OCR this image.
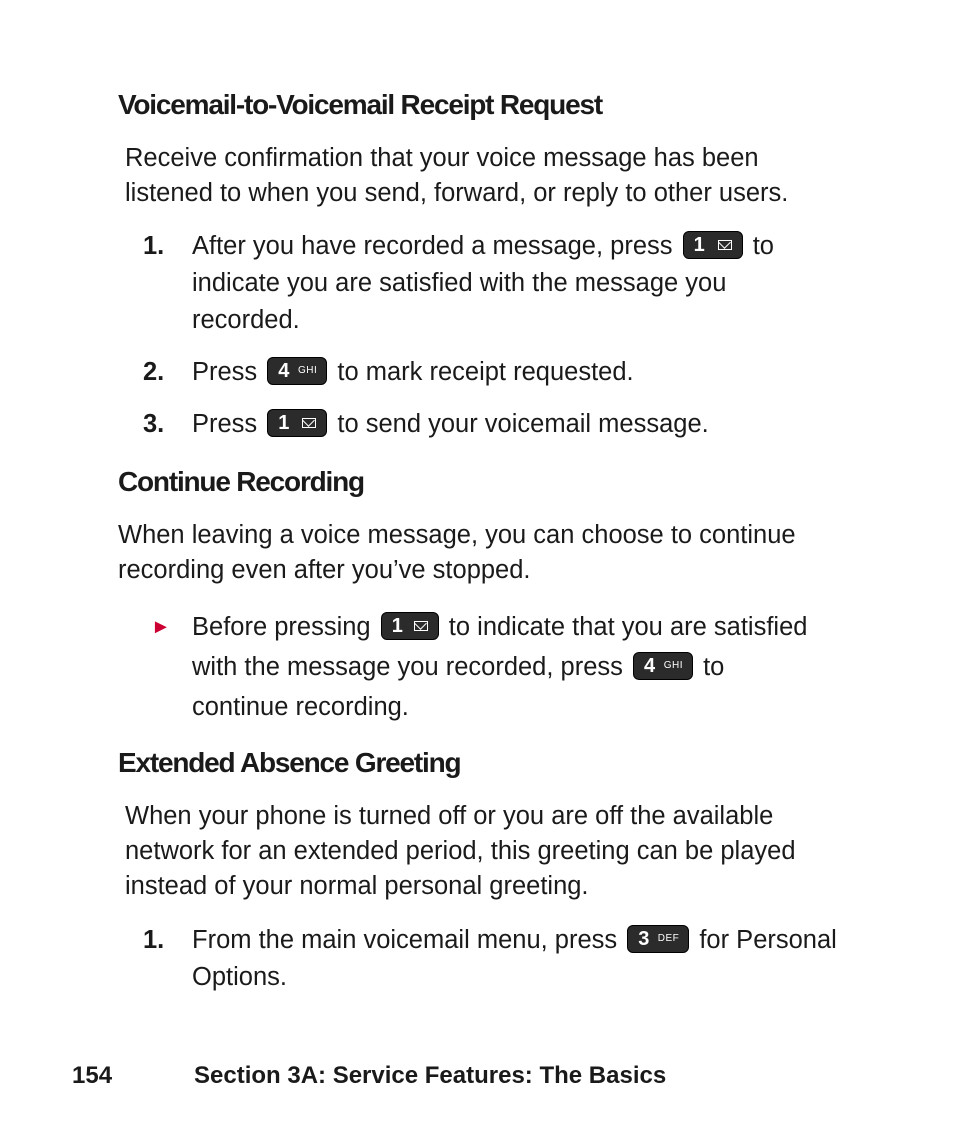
Voicemail-to-Voicemail Receipt Request
Receive confirmation that your voice message has been
listened to when you send, forward, or reply to other users.
1. After you have recorded a message, press 1 to
indicate you are satisfied with the message you
recorded.
2. Press 4 GHI to mark receipt requested.
3. Press 1 to send your voicemail message.
Continue Recording
When leaving a voice message, you can choose to continue
recording even after you’ve stopped.
► Before pressing 1 to indicate that you are satisfied
with the message you recorded, press 4 GHI to
continue recording.
Extended Absence Greeting
When your phone is turned off or you are off the available
network for an extended period, this greeting can be played
instead of your normal personal greeting.
1. From the main voicemail menu, press 3 DEF for Personal
Options.
154	Section 3A: Service Features: The Basics
